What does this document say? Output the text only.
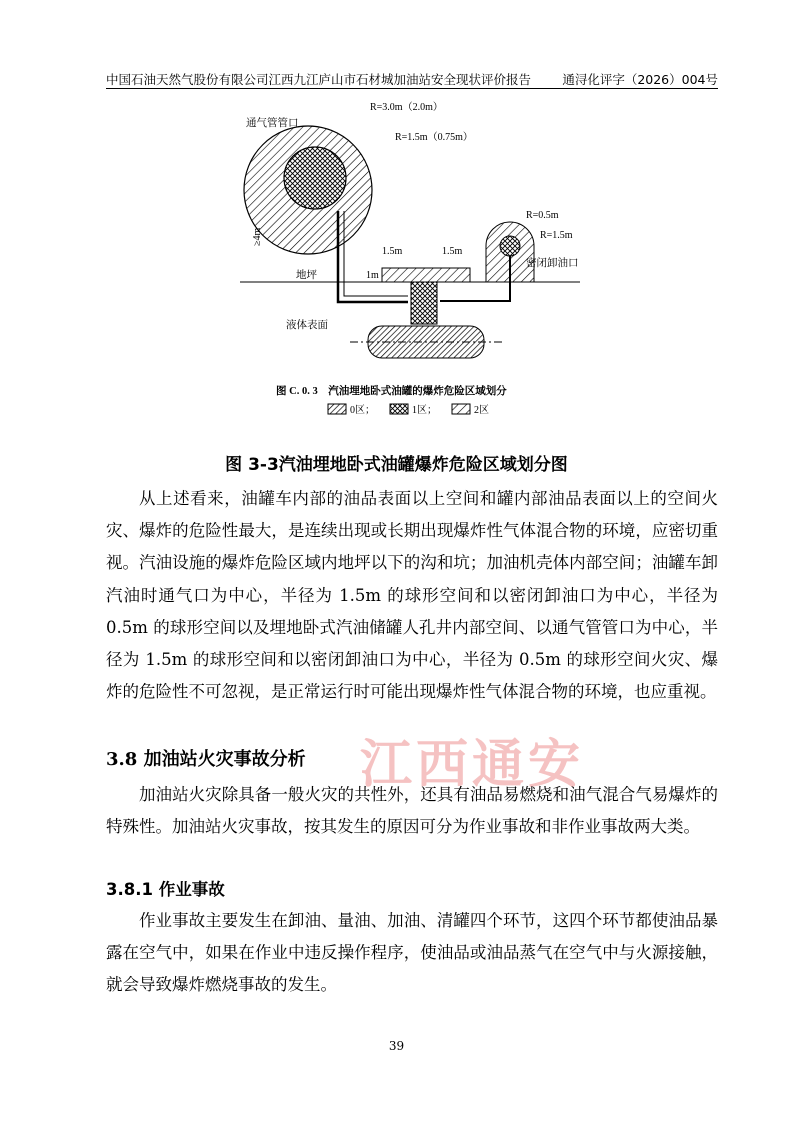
中国石油天然气股份有限公司江西九江庐山市石材城加油站安全现状评价报告	通浔化评字（2026）004号
通气管管口
R=3.0m（2.0m）
R=1.5m（0.75m）
≥4m
地坪
液体表面
1.5m	1.5m
1m
R=0.5m
R=1.5m
密闭卸油口
图 C. 0. 3　汽油埋地卧式油罐的爆炸危险区域划分
0区；	1区；	2区
图 3-3汽油埋地卧式油罐爆炸危险区域划分图

从上述看来，油罐车内部的油品表面以上空间和罐内部油品表面以上的空间火灾、爆炸的危险性最大，是连续出现或长期出现爆炸性气体混合物的环境，应密切重视。汽油设施的爆炸危险区域内地坪以下的沟和坑；加油机壳体内部空间；油罐车卸汽油时通气口为中心，半径为 1.5m 的球形空间和以密闭卸油口为中心，半径为 0.5m 的球形空间以及埋地卧式汽油储罐人孔井内部空间、以通气管管口为中心，半径为 1.5m 的球形空间和以密闭卸油口为中心，半径为 0.5m 的球形空间火灾、爆炸的危险性不可忽视，是正常运行时可能出现爆炸性气体混合物的环境，也应重视。

3.8 加油站火灾事故分析

加油站火灾除具备一般火灾的共性外，还具有油品易燃烧和油气混合气易爆炸的特殊性。加油站火灾事故，按其发生的原因可分为作业事故和非作业事故两大类。

3.8.1 作业事故

作业事故主要发生在卸油、量油、加油、清罐四个环节，这四个环节都使油品暴露在空气中，如果在作业中违反操作程序，使油品或油品蒸气在空气中与火源接触，就会导致爆炸燃烧事故的发生。

江西通安
39
